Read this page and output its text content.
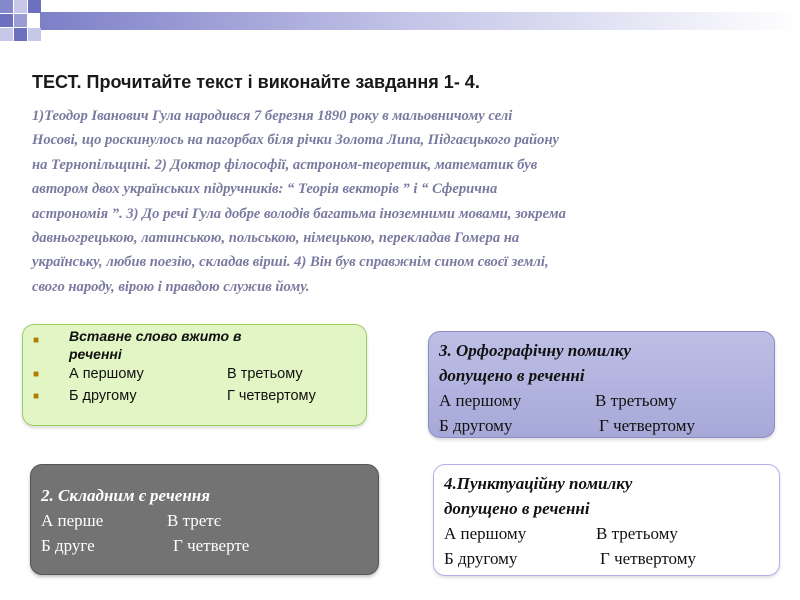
ТЕСТ. Прочитайте текст і виконайте завдання 1- 4.
1)Теодор Іванович Гула народився 7 березня 1890 року в мальовничому селі
Носові, що роскинулось на пагорбах біля річки Золота Липа, Підгаєцького району
на Тернопільщині. 2) Доктор філософії, астроном-теоретик, математик був
автором двох українських підручників: “ Теорія векторів ” і “ Сферична
астрономія ”. 3) До речі Гула добре володів багатьма іноземними мовами, зокрема
давньогрецькою, латинською, польською, німецькою, перекладав Гомера на
українську, любив поезію, складав вірші. 4) Він був справжнім сином своєї землі,
свого народу, вірою і правдою служив йому.
■
■
■
Вставне слово вжито в
реченні
А першому	В третьому
Б другому	Г четвертому
3. Орфографічну помилку
допущено в реченні
А першому	В третьому
Б другому	Г четвертому
2. Складним є речення
А перше	В третє
Б друге	Г четверте
4.Пунктуаційну помилку
допущено в реченні
А першому	В третьому
Б другому	Г четвертому
